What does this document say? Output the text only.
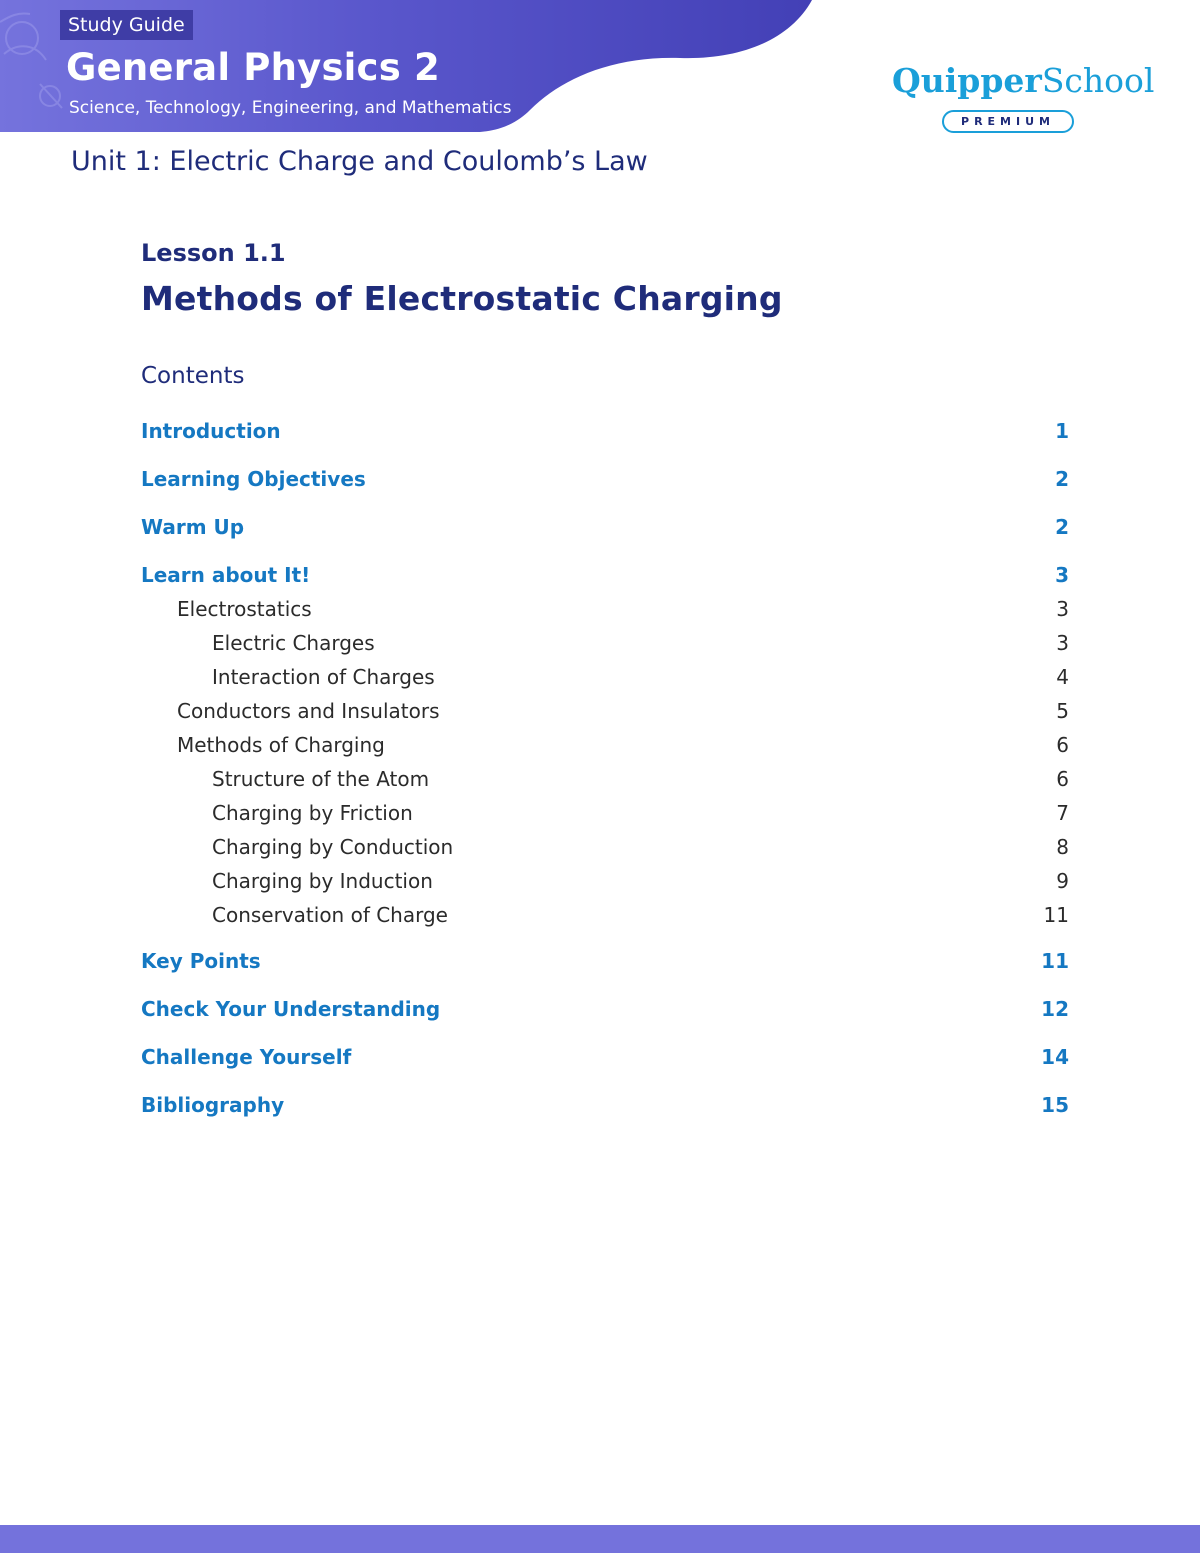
Study Guide
General Physics 2
Science, Technology, Engineering, and Mathematics
QuipperSchool
PREMIUM
Unit 1: Electric Charge and Coulomb’s Law
Lesson 1.1
Methods of Electrostatic Charging
Contents
Introduction	1
Learning Objectives	2
Warm Up	2
Learn about It!	3
Electrostatics	3
Electric Charges	3
Interaction of Charges	4
Conductors and Insulators	5
Methods of Charging	6
Structure of the Atom	6
Charging by Friction	7
Charging by Conduction	8
Charging by Induction	9
Conservation of Charge	11
Key Points	11
Check Your Understanding	12
Challenge Yourself	14
Bibliography	15
